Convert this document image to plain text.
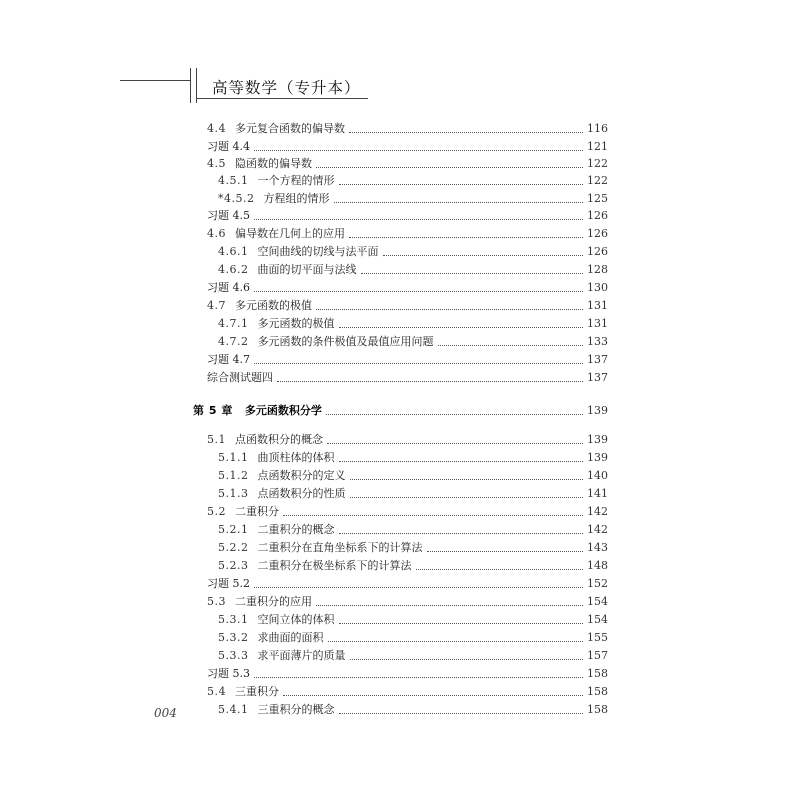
高等数学（专升本）
4.4 多元复合函数的偏导数	116
习题 4.4	121
4.5 隐函数的偏导数	122
4.5.1 一个方程的情形	122
*4.5.2 方程组的情形	125
习题 4.5	126
4.6 偏导数在几何上的应用	126
4.6.1 空间曲线的切线与法平面	126
4.6.2 曲面的切平面与法线	128
习题 4.6	130
4.7 多元函数的极值	131
4.7.1 多元函数的极值	131
4.7.2 多元函数的条件极值及最值应用问题	133
习题 4.7	137
综合测试题四	137
第 5 章 多元函数积分学	139
5.1 点函数积分的概念	139
5.1.1 曲顶柱体的体积	139
5.1.2 点函数积分的定义	140
5.1.3 点函数积分的性质	141
5.2 二重积分	142
5.2.1 二重积分的概念	142
5.2.2 二重积分在直角坐标系下的计算法	143
5.2.3 二重积分在极坐标系下的计算法	148
习题 5.2	152
5.3 二重积分的应用	154
5.3.1 空间立体的体积	154
5.3.2 求曲面的面积	155
5.3.3 求平面薄片的质量	157
习题 5.3	158
5.4 三重积分	158
5.4.1 三重积分的概念	158
004
